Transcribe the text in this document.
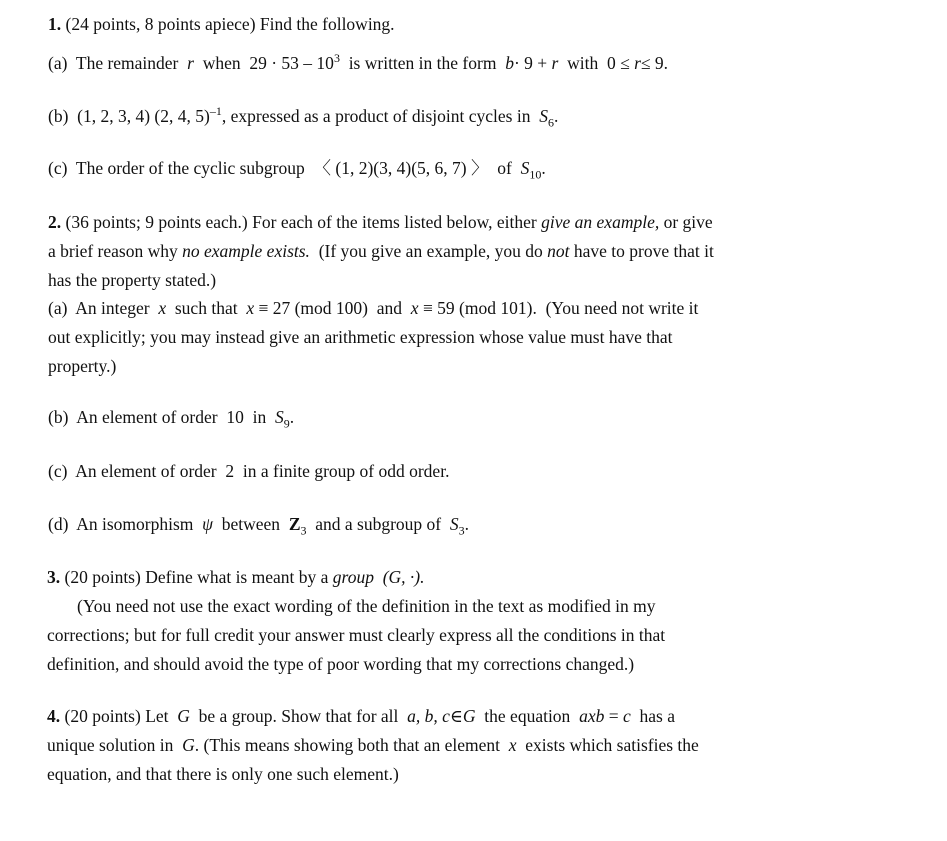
1. (24 points, 8 points apiece) Find the following.
(a) The remainder r when $29 \cdot 53 - 10^3$ is written in the form b· 9 + r with 0 ≤ r≤ 9.
(b) (1, 2, 3, 4) (2, 4, 5)$^{-1}$, expressed as a product of disjoint cycles in $S_6$.
(c) The order of the cyclic subgroup 〈 (1, 2)(3, 4)(5, 6, 7) 〉 of $S_{10}$.
2. (36 points; 9 points each.) For each of the items listed below, either give an example, or give
a brief reason why no example exists. (If you give an example, you do not have to prove that it
has the property stated.)
(a) An integer x such that x ≡ 27 (mod 100) and x ≡ 59 (mod 101). (You need not write it
out explicitly; you may instead give an arithmetic expression whose value must have that
property.)
(b) An element of order 10 in $S_9$.
(c) An element of order 2 in a finite group of odd order.
(d) An isomorphism ψ between $Z_3$ and a subgroup of $S_3$.
3. (20 points) Define what is meant by a group (G, ·).
(You need not use the exact wording of the definition in the text as modified in my
corrections; but for full credit your answer must clearly express all the conditions in that
definition, and should avoid the type of poor wording that my corrections changed.)
4. (20 points) Let G be a group. Show that for all a, b, c∈G the equation axb = c has a
unique solution in G. (This means showing both that an element x exists which satisfies the
equation, and that there is only one such element.)
